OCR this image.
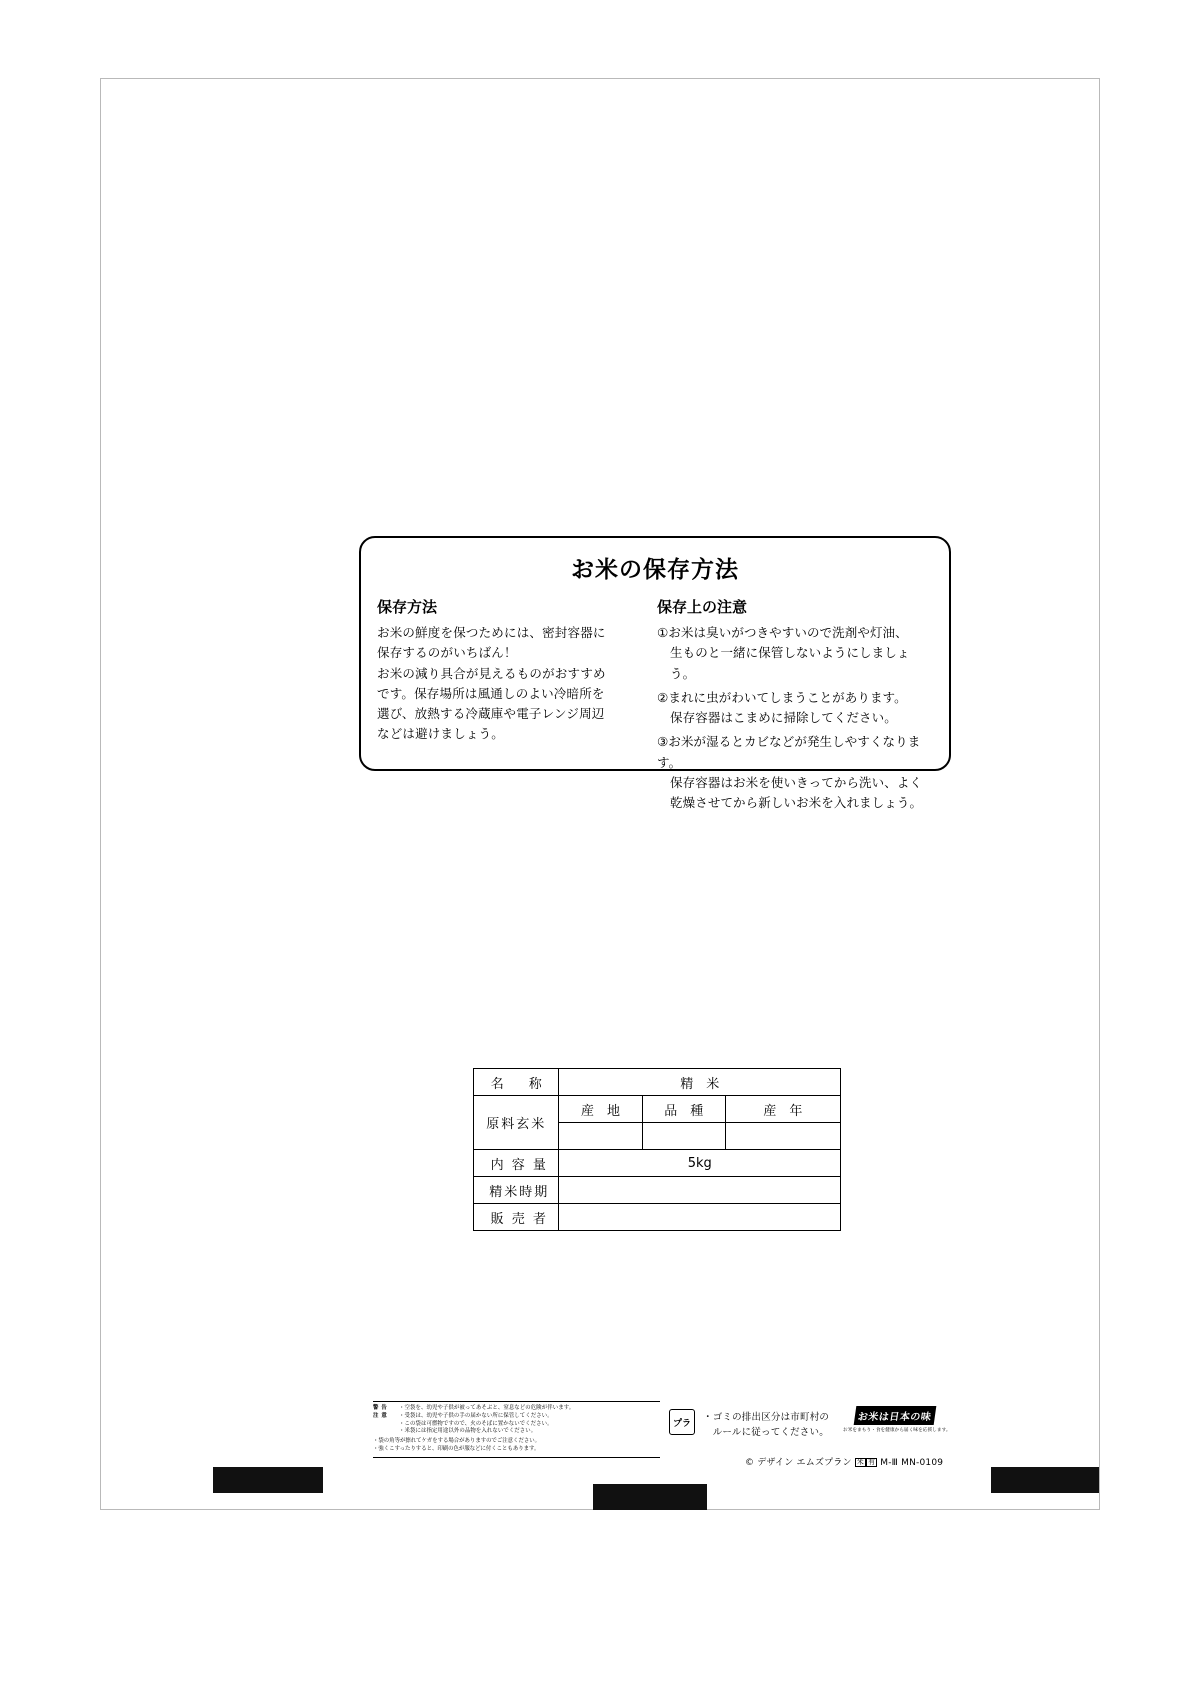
お米の保存方法
保存方法
お米の鮮度を保つためには、密封容器に
保存するのがいちばん！
お米の減り具合が見えるものがおすすめ
です。保存場所は風通しのよい冷暗所を
選び、放熱する冷蔵庫や電子レンジ周辺
などは避けましょう。
保存上の注意
①お米は臭いがつきやすいので洗剤や灯油、
生ものと一緒に保管しないようにしましょう。
②まれに虫がわいてしまうことがあります。
保存容器はこまめに掃除してください。
③お米が湿るとカビなどが発生しやすくなります。
保存容器はお米を使いきってから洗い、よく
乾燥させてから新しいお米を入れましょう。
名　称	精　米		
原料玄米	産　地	品　種	産　年

内 容 量	5kg		
精米時期			
販 売 者			
警告	・空袋を、幼児や子供が被ってあそぶと、窒息などの危険が伴います。
注意	・受袋は、幼児や子供の手の届かない所に保管してください。
・この袋は可燃物ですので、火のそばに置かないでください。
・米袋には指定用途以外の品物を入れないでください。
・袋の角等が擦れてケガをする場合がありますのでご注意ください。
・強くこすったりすると、印刷の色が服などに付くこともあります。
プラ
・ゴミの排出区分は市町村の
　ルールに従ってください。
お米は日本の味
お米をまもり・食を健康から届く味を応援します。
© デザイン エムズプラン 米 有 М-Ⅲ MN-0109
